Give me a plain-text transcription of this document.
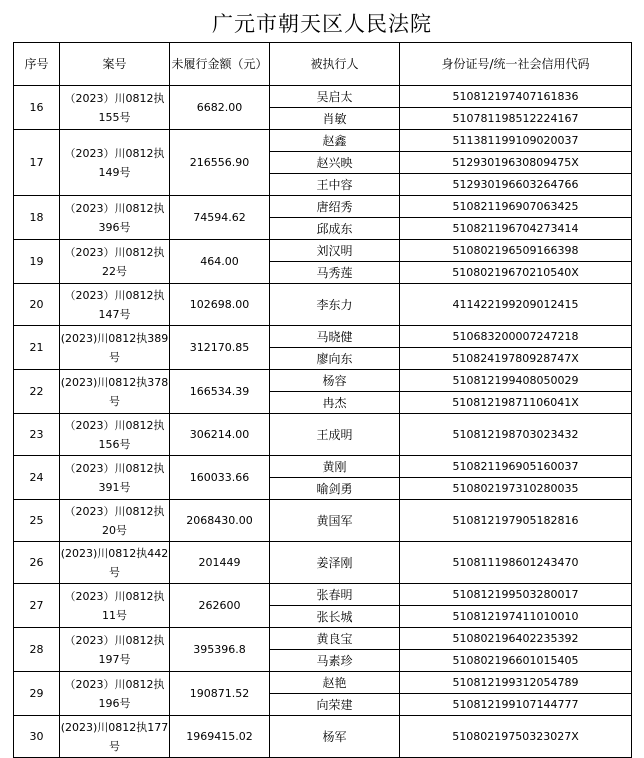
广元市朝天区人民法院
序号	案号	未履行金额（元）	被执行人	身份证号/统一社会信用代码
16	（2023）川0812执155号	6682.00	吴启太	510812197407161836
			肖敏	510781198512224167
17	（2023）川0812执149号	216556.90	赵鑫	511381199109020037
			赵兴映	51293019630809475X
			王中容	512930196603264766
18	（2023）川0812执396号	74594.62	唐绍秀	510821196907063425
			邱成东	510821196704273414
19	（2023）川0812执22号	464.00	刘汉明	510802196509166398
			马秀莲	51080219670210540X
20	（2023）川0812执147号	102698.00	李东力	411422199209012415
21	(2023)川0812执389号	312170.85	马晓健	510683200007247218
			廖向东	51082419780928747X
22	(2023)川0812执378号	166534.39	杨容	510812199408050029
			冉杰	51081219871106041X
23	（2023）川0812执156号	306214.00	王成明	510812198703023432
24	（2023）川0812执391号	160033.66	黄刚	510821196905160037
			喻剑勇	510802197310280035
25	（2023）川0812执20号	2068430.00	黄国军	510812197905182816
26	(2023)川0812执442号	201449	姜泽刚	510811198601243470
27	（2023）川0812执11号	262600	张春明	510812199503280017
			张长城	510812197411010010
28	（2023）川0812执197号	395396.8	黄良宝	510802196402235392
			马素珍	510802196601015405
29	（2023）川0812执196号	190871.52	赵艳	510812199312054789
			向荣建	510812199107144777
30	(2023)川0812执177号	1969415.02	杨军	51080219750323027X
